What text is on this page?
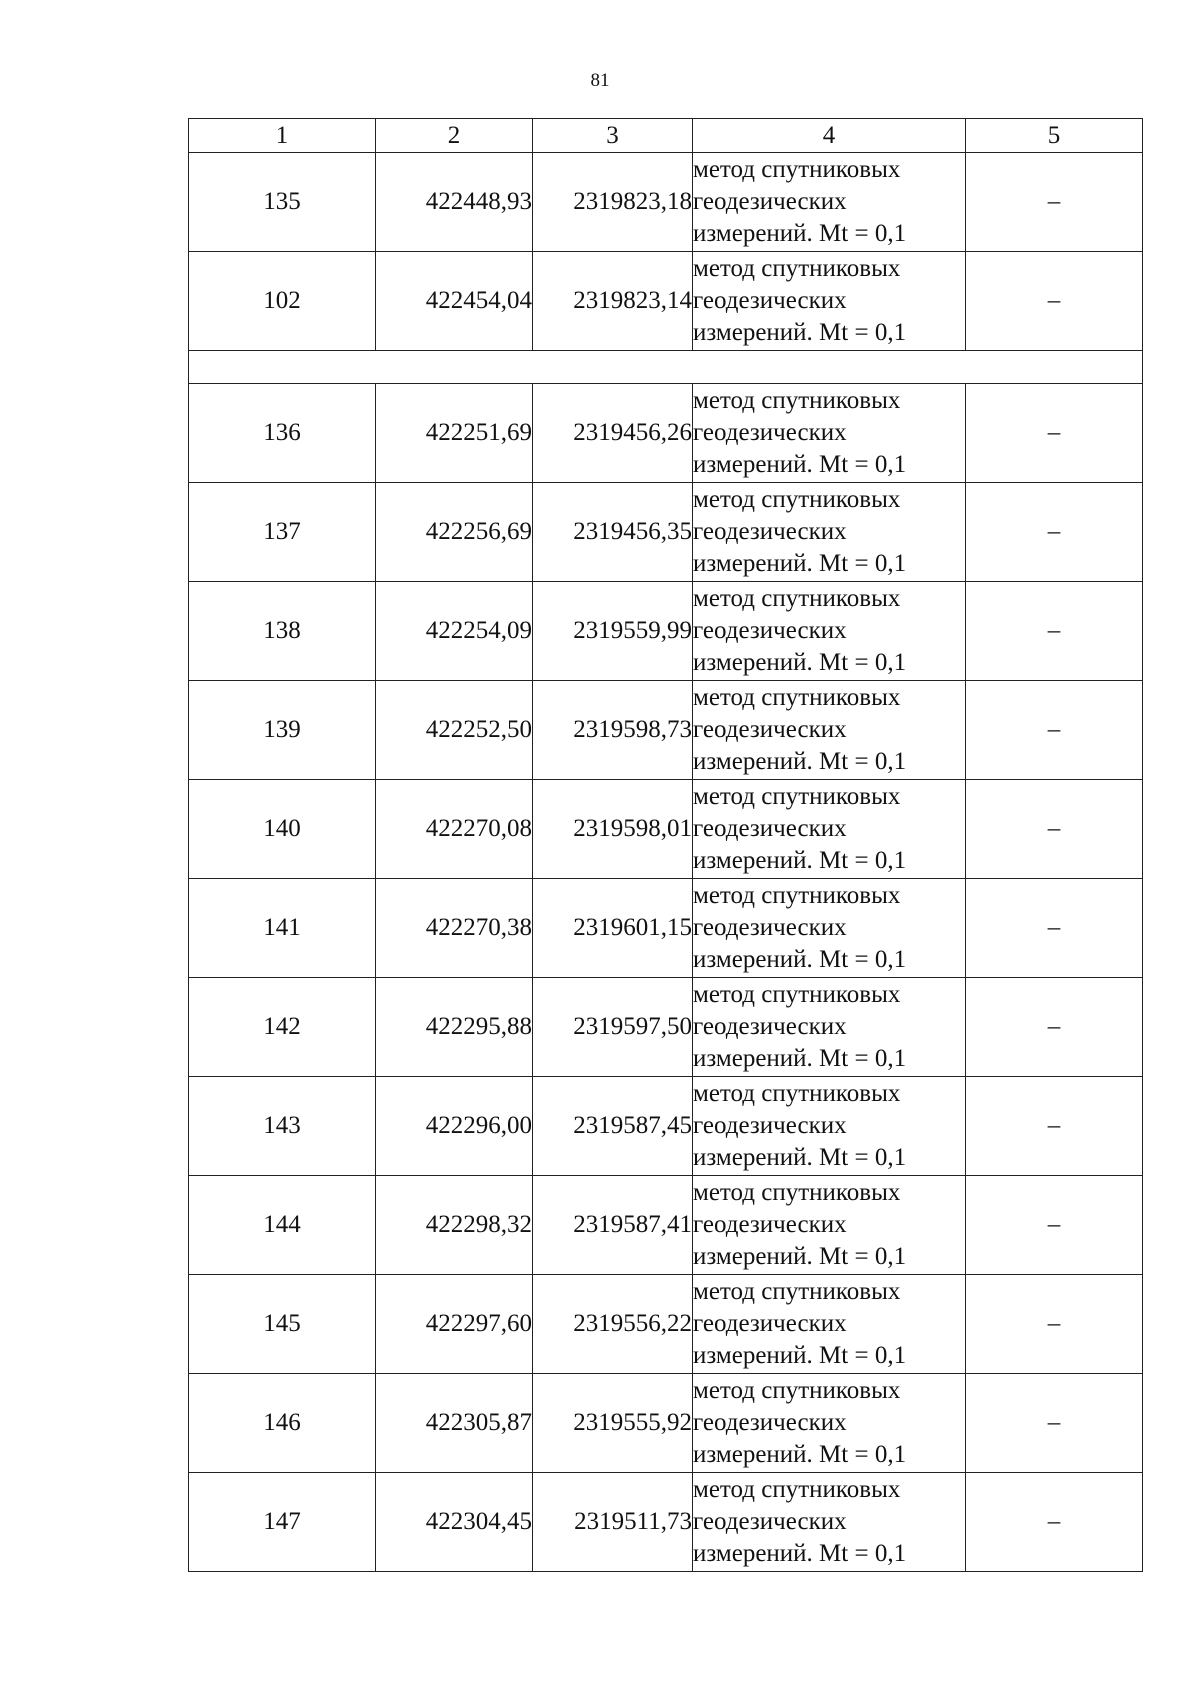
81
1	2	3	4	5
135	422448,93	2319823,18	метод спутниковых
геодезических
измерений. Mt = 0,1	–
102	422454,04	2319823,14	метод спутниковых
геодезических
измерений. Mt = 0,1	–

136	422251,69	2319456,26	метод спутниковых
геодезических
измерений. Mt = 0,1	–
137	422256,69	2319456,35	метод спутниковых
геодезических
измерений. Mt = 0,1	–
138	422254,09	2319559,99	метод спутниковых
геодезических
измерений. Mt = 0,1	–
139	422252,50	2319598,73	метод спутниковых
геодезических
измерений. Mt = 0,1	–
140	422270,08	2319598,01	метод спутниковых
геодезических
измерений. Mt = 0,1	–
141	422270,38	2319601,15	метод спутниковых
геодезических
измерений. Mt = 0,1	–
142	422295,88	2319597,50	метод спутниковых
геодезических
измерений. Mt = 0,1	–
143	422296,00	2319587,45	метод спутниковых
геодезических
измерений. Mt = 0,1	–
144	422298,32	2319587,41	метод спутниковых
геодезических
измерений. Mt = 0,1	–
145	422297,60	2319556,22	метод спутниковых
геодезических
измерений. Mt = 0,1	–
146	422305,87	2319555,92	метод спутниковых
геодезических
измерений. Mt = 0,1	–
147	422304,45	2319511,73	метод спутниковых
геодезических
измерений. Mt = 0,1	–
